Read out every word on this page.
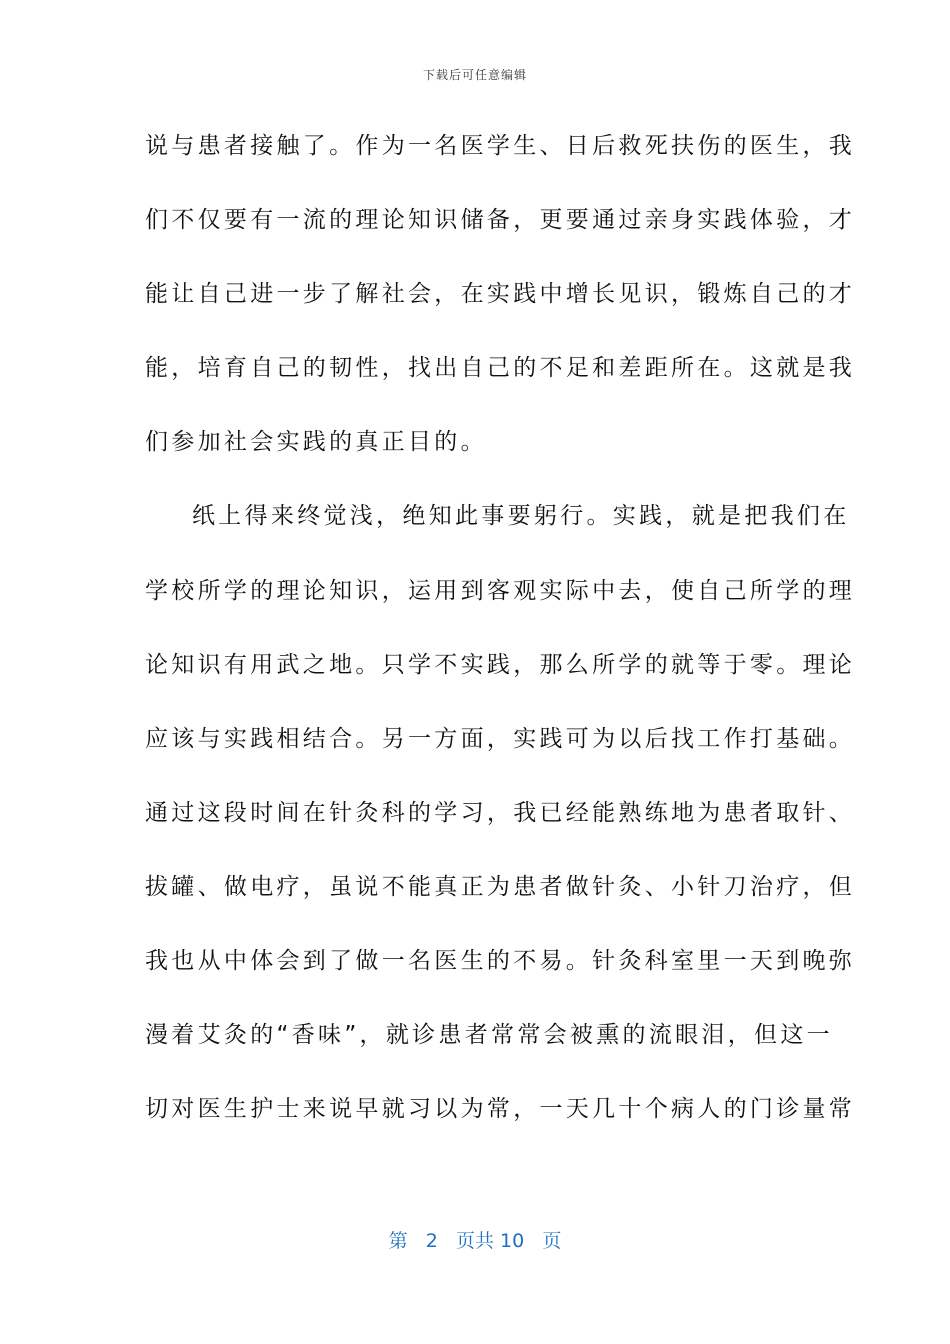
下载后可任意编辑
说与患者接触了。作为一名医学生、日后救死扶伤的医生，我
们不仅要有一流的理论知识储备，更要通过亲身实践体验，才
能让自己进一步了解社会，在实践中增长见识，锻炼自己的才
能，培育自己的韧性，找出自己的不足和差距所在。这就是我
们参加社会实践的真正目的。
纸上得来终觉浅，绝知此事要躬行。实践，就是把我们在
学校所学的理论知识，运用到客观实际中去，使自己所学的理
论知识有用武之地。只学不实践，那么所学的就等于零。理论
应该与实践相结合。另一方面，实践可为以后找工作打基础。
通过这段时间在针灸科的学习，我已经能熟练地为患者取针、
拔罐、做电疗，虽说不能真正为患者做针灸、小针刀治疗，但
我也从中体会到了做一名医生的不易。针灸科室里一天到晚弥
漫着艾灸的“香味”，就诊患者常常会被熏的流眼泪，但这一
切对医生护士来说早就习以为常，一天几十个病人的门诊量常
第 2 页共 10 页
